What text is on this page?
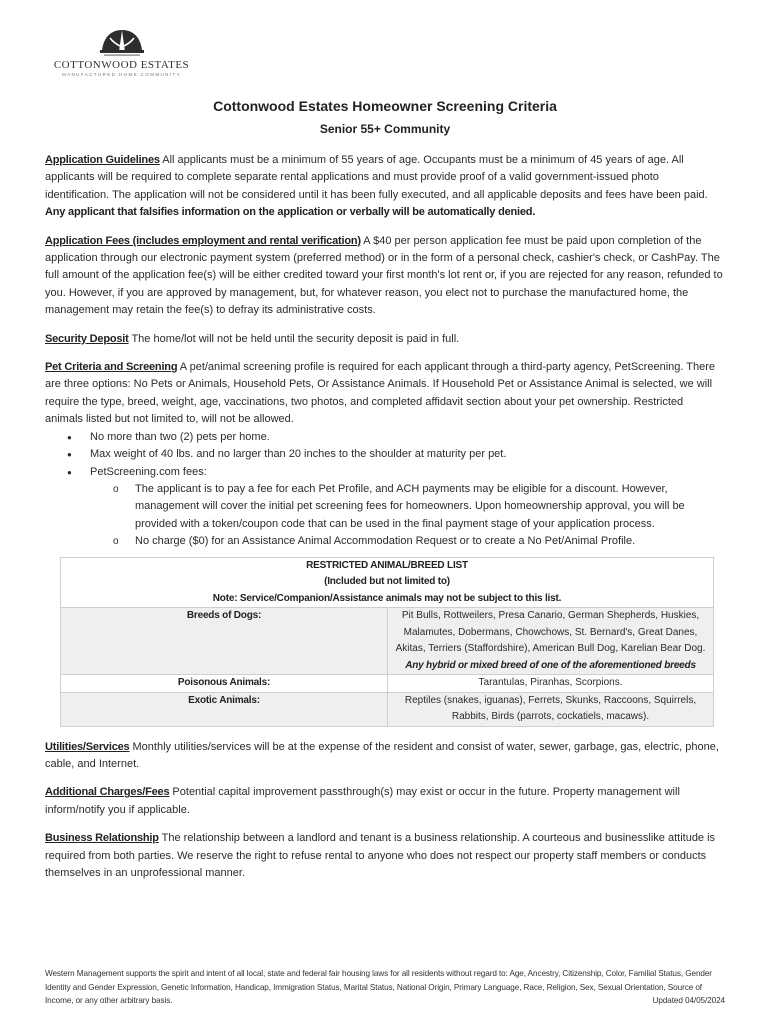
COTTONWOOD ESTATES
MANUFACTURED HOME COMMUNITY
Cottonwood Estates Homeowner Screening Criteria
Senior 55+ Community

Application Guidelines All applicants must be a minimum of 55 years of age. Occupants must be a minimum of 45 years of age. All applicants will be required to complete separate rental applications and must provide proof of a valid government-issued photo identification. The application will not be considered until it has been fully executed, and all applicable deposits and fees have been paid. Any applicant that falsifies information on the application or verbally will be automatically denied.

Application Fees (includes employment and rental verification) A $40 per person application fee must be paid upon completion of the application through our electronic payment system (preferred method) or in the form of a personal check, cashier's check, or CashPay. The full amount of the application fee(s) will be either credited toward your first month's lot rent or, if you are rejected for any reason, refunded to you. However, if you are approved by management, but, for whatever reason, you elect not to purchase the manufactured home, the management may retain the fee(s) to defray its administrative costs.

Security Deposit The home/lot will not be held until the security deposit is paid in full.

Pet Criteria and Screening A pet/animal screening profile is required for each applicant through a third-party agency, PetScreening. There are three options: No Pets or Animals, Household Pets, Or Assistance Animals. If Household Pet or Assistance Animal is selected, we will require the type, breed, weight, age, vaccinations, two photos, and completed affidavit section about your pet ownership. Restricted animals listed but not limited to, will not be allowed.

● No more than two (2) pets per home.
● Max weight of 40 lbs. and no larger than 20 inches to the shoulder at maturity per pet.
● PetScreening.com fees:
o The applicant is to pay a fee for each Pet Profile, and ACH payments may be eligible for a discount. However, management will cover the initial pet screening fees for homeowners. Upon homeownership approval, you will be provided with a token/coupon code that can be used in the final payment stage of your application process.
o No charge ($0) for an Assistance Animal Accommodation Request or to create a No Pet/Animal Profile.
RESTRICTED ANIMAL/BREED LIST
(Included but not limited to)
Note: Service/Companion/Assistance animals may not be subject to this list.	

Breeds of Dogs:	Pit Bulls, Rottweilers, Presa Canario, German Shepherds, Huskies, Malamutes, Dobermans, Chowchows, St. Bernard's, Great Danes, Akitas, Terriers (Staffordshire), American Bull Dog, Karelian Bear Dog.
Any hybrid or mixed breed of one of the aforementioned breeds

Poisonous Animals:	Tarantulas, Piranhas, Scorpions.
Exotic Animals:	Reptiles (snakes, iguanas), Ferrets, Skunks, Raccoons, Squirrels, Rabbits, Birds (parrots, cockatiels, macaws).

Utilities/Services Monthly utilities/services will be at the expense of the resident and consist of water, sewer, garbage, gas, electric, phone, cable, and Internet.

Additional Charges/Fees Potential capital improvement passthrough(s) may exist or occur in the future. Property management will inform/notify you if applicable.

Business Relationship The relationship between a landlord and tenant is a business relationship. A courteous and businesslike attitude is required from both parties. We reserve the right to refuse rental to anyone who does not respect our property staff members or conducts themselves in an unprofessional manner.

Western Management supports the spirit and intent of all local, state and federal fair housing laws for all residents without regard to: Age, Ancestry, Citizenship, Color, Familial Status, Gender Identity and Gender Expression, Genetic Information, Handicap, Immigration Status, Marital Status, National Origin, Primary Language, Race, Religion, Sex, Sexual Orientation, Source of Income, or any other arbitrary basis.	Updated 04/05/2024
